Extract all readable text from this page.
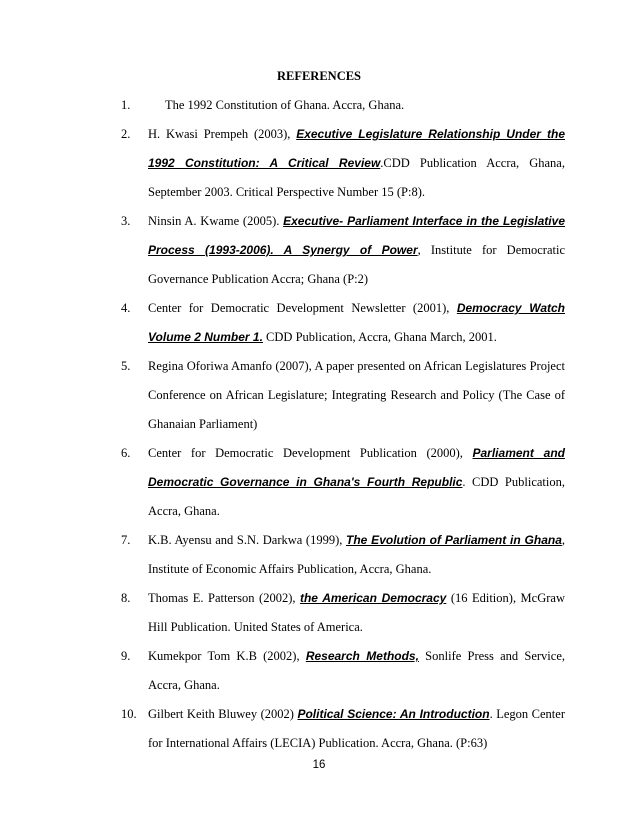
REFERENCES
1.	The 1992 Constitution of Ghana. Accra, Ghana.
2. H. Kwasi Prempeh (2003), Executive Legislature Relationship Under the 1992 Constitution: A Critical Review.CDD Publication Accra, Ghana, September 2003. Critical Perspective Number 15 (P:8).
3. Ninsin A. Kwame (2005). Executive- Parliament Interface in the Legislative Process (1993-2006). A Synergy of Power, Institute for Democratic Governance Publication Accra; Ghana (P:2)
4. Center for Democratic Development Newsletter (2001), Democracy Watch Volume 2 Number 1. CDD Publication, Accra, Ghana March, 2001.
5. Regina Oforiwa Amanfo (2007), A paper presented on African Legislatures Project Conference on African Legislature; Integrating Research and Policy (The Case of Ghanaian Parliament)
6. Center for Democratic Development Publication (2000), Parliament and Democratic Governance in Ghana's Fourth Republic. CDD Publication, Accra, Ghana.
7. K.B. Ayensu and S.N. Darkwa (1999), The Evolution of Parliament in Ghana, Institute of Economic Affairs Publication, Accra, Ghana.
8. Thomas E. Patterson (2002), the American Democracy (16 Edition), McGraw Hill Publication. United States of America.
9. Kumekpor Tom K.B (2002), Research Methods, Sonlife Press and Service, Accra, Ghana.
10. Gilbert Keith Bluwey (2002) Political Science: An Introduction. Legon Center for International Affairs (LECIA) Publication. Accra, Ghana. (P:63)
16
